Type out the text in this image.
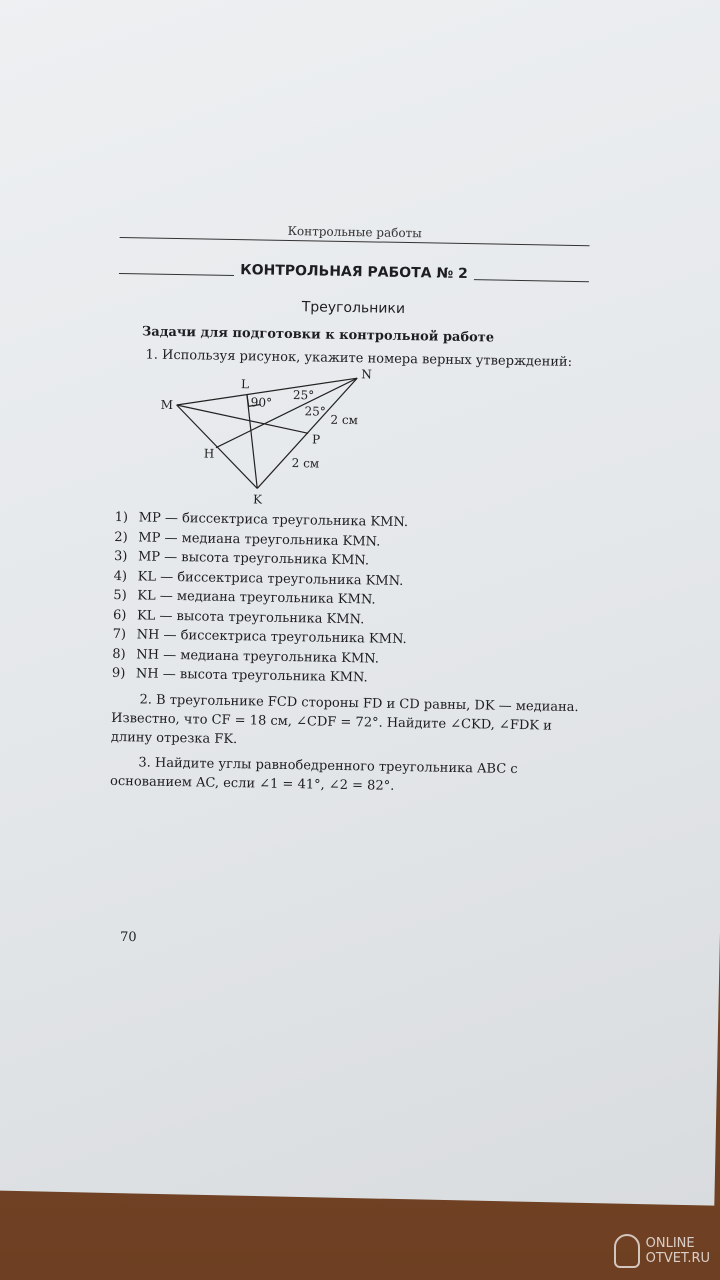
Контрольные работы
КОНТРОЛЬНАЯ РАБОТА № 2
Треугольники
Задачи для подготовки к контрольной работе
1. Используя рисунок, укажите номера верных утверждений:
M
N
K
L
H
P
90°
25°
25°
2 см
2 см
1) MP — биссектриса треугольника KMN.
2) MP — медиана треугольника KMN.
3) MP — высота треугольника KMN.
4) KL — биссектриса треугольника KMN.
5) KL — медиана треугольника KMN.
6) KL — высота треугольника KMN.
7) NH — биссектриса треугольника KMN.
8) NH — медиана треугольника KMN.
9) NH — высота треугольника KMN.
2. В треугольнике FCD стороны FD и CD равны, DK — медиана. Известно, что CF = 18 см, ∠CDF = 72°. Найдите ∠CKD, ∠FDK и длину отрезка FK.
3. Найдите углы равнобедренного треугольника ABC с основанием AC, если ∠1 = 41°, ∠2 = 82°.
70
ONLINE
OTVET.RU
